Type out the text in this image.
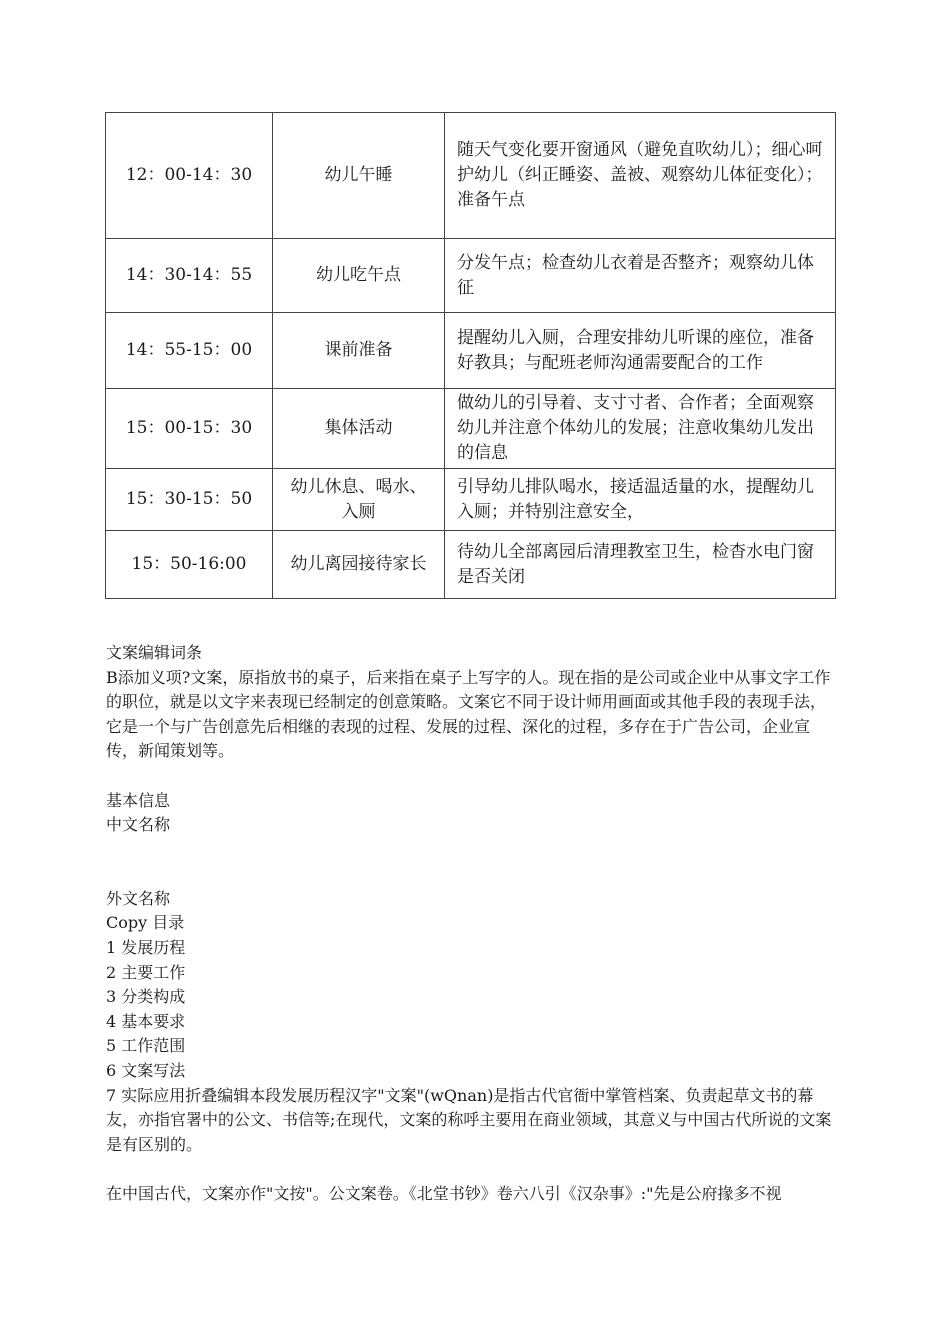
12：00-14：30	幼儿午睡	随天气变化要开窗通风（避免直吹幼儿）；细心呵护幼儿（纠正睡姿、盖被、观察幼儿体征变化）；准备午点
14：30-14：55	幼儿吃午点	分发午点；检查幼儿衣着是否整齐；观察幼儿体征
14：55-15：00	课前准备	提醒幼儿入厕，合理安排幼儿听课的座位，准备好教具；与配班老师沟通需要配合的工作
15：00-15：30	集体活动	做幼儿的引导着、支寸寸者、合作者；全面观察幼儿并注意个体幼儿的发展；注意收集幼儿发出的信息
15：30-15：50	幼儿休息、喝水、入厕	引导幼儿排队喝水，接适温适量的水，提醒幼儿入厕；并特别注意安全，
15：50-16:00	幼儿离园接待家长	待幼儿全部离园后清理教室卫生，检杳水电门窗是否关闭

文案编辑词条

B添加义项?文案，原指放书的桌子，后来指在桌子上写字的人。现在指的是公司或企业中从事文字工作的职位，就是以文字来表现已经制定的创意策略。文案它不同于设计师用画面或其他手段的表现手法，它是一个与广告创意先后相继的表现的过程、发展的过程、深化的过程，多存在于广告公司，企业宣传，新闻策划等。

基本信息

中文名称

外文名称

Copy 目录

1 发展历程

2 主要工作

3 分类构成

4 基本要求

5 工作范围

6 文案写法

7 实际应用折叠编辑本段发展历程汉字"文案"(wQnan)是指古代官衙中掌管档案、负责起草文书的幕友，亦指官署中的公文、书信等;在现代，文案的称呼主要用在商业领域，其意义与中国古代所说的文案是有区别的。

在中国古代，文案亦作"文按"。公文案卷。《北堂书钞》卷六八引《汉杂事》:"先是公府掾多不视
